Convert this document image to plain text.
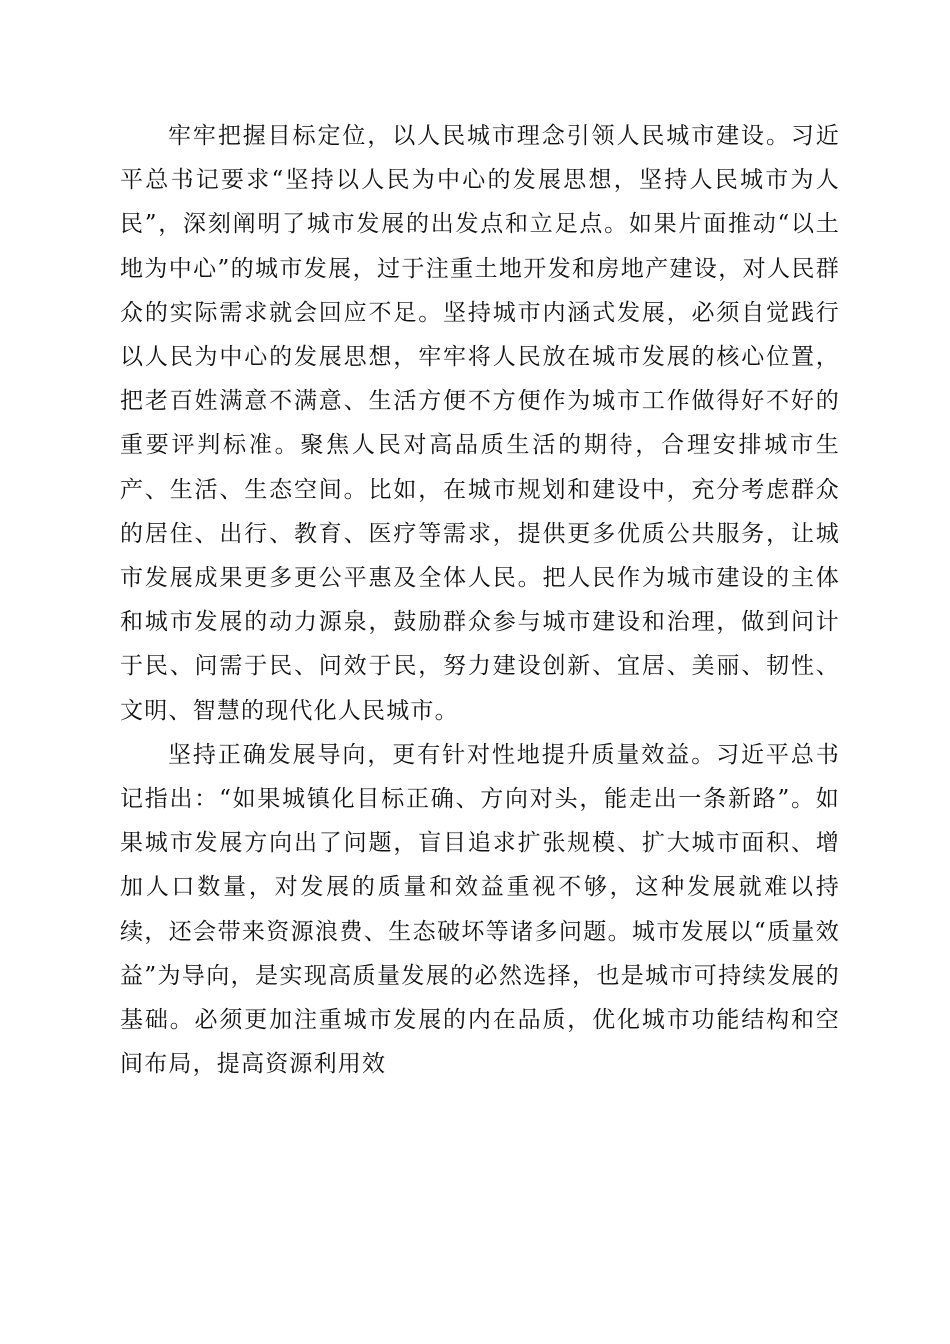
牢牢把握目标定位，以人民城市理念引领人民城市建设。习近平总书记要求“坚持以人民为中心的发展思想，坚持人民城市为人民”，深刻阐明了城市发展的出发点和立足点。如果片面推动“以土地为中心”的城市发展，过于注重土地开发和房地产建设，对人民群众的实际需求就会回应不足。坚持城市内涵式发展，必须自觉践行以人民为中心的发展思想，牢牢将人民放在城市发展的核心位置，把老百姓满意不满意、生活方便不方便作为城市工作做得好不好的重要评判标准。聚焦人民对高品质生活的期待，合理安排城市生产、生活、生态空间。比如，在城市规划和建设中，充分考虑群众的居住、出行、教育、医疗等需求，提供更多优质公共服务，让城市发展成果更多更公平惠及全体人民。把人民作为城市建设的主体和城市发展的动力源泉，鼓励群众参与城市建设和治理，做到问计于民、问需于民、问效于民，努力建设创新、宜居、美丽、韧性、文明、智慧的现代化人民城市。

坚持正确发展导向，更有针对性地提升质量效益。习近平总书记指出：“如果城镇化目标正确、方向对头，能走出一条新路”。如果城市发展方向出了问题，盲目追求扩张规模、扩大城市面积、增加人口数量，对发展的质量和效益重视不够，这种发展就难以持续，还会带来资源浪费、生态破坏等诸多问题。城市发展以“质量效益”为导向，是实现高质量发展的必然选择，也是城市可持续发展的基础。必须更加注重城市发展的内在品质，优化城市功能结构和空间布局，提高资源利用效
